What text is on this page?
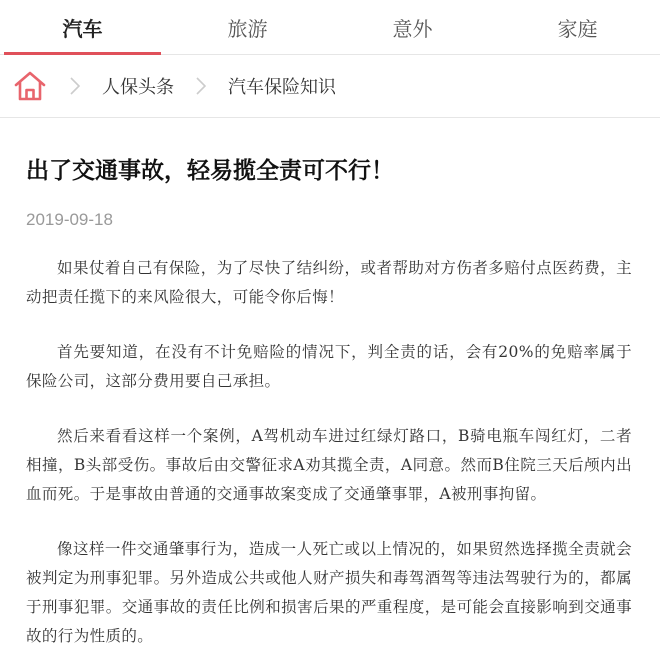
汽车	旅游	意外	家庭
人保头条	汽车保险知识
出了交通事故，轻易揽全责可不行！
2019-09-18

如果仗着自己有保险，为了尽快了结纠纷，或者帮助对方伤者多赔付点医药费，主动把责任揽下的来风险很大，可能令你后悔！

首先要知道，在没有不计免赔险的情况下，判全责的话，会有20%的免赔率属于保险公司，这部分费用要自己承担。

然后来看看这样一个案例，A驾机动车进过红绿灯路口，B骑电瓶车闯红灯，二者相撞，B头部受伤。事故后由交警征求A劝其揽全责，A同意。然而B住院三天后颅内出血而死。于是事故由普通的交通事故案变成了交通肇事罪，A被刑事拘留。

像这样一件交通肇事行为，造成一人死亡或以上情况的，如果贸然选择揽全责就会被判定为刑事犯罪。另外造成公共或他人财产损失和毒驾酒驾等违法驾驶行为的，都属于刑事犯罪。交通事故的责任比例和损害后果的严重程度，是可能会直接影响到交通事故的行为性质的。
